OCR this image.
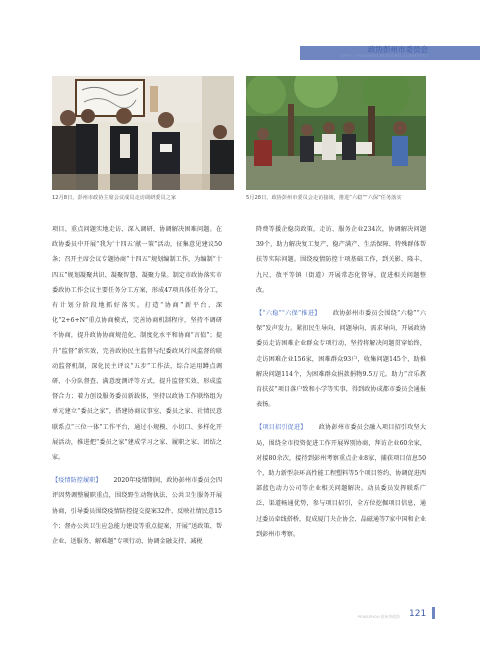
政协彭州市委员会
CPPCC PENGZHOU MUNICIPAL COMMITTEE
12月8日，彭州市政协主席会议成员走访调研委员之家	5月28日，政协彭州市委员会走访接谈，推进“六稳”“六保”任务落实

项目、重点问题实地走访、深入调研、协调解决困难问题。在政协委员中开展“我为‘十四五’献一策”活动，征集意见建议50条；召开主席会议专题协商“十四五”规划编制工作，为编制“十四五”规划凝聚共识、凝聚智慧、凝聚力量。制定市政协落实市委政协工作会议主要任务分工方案，形成47项具体任务分工，有计划分阶段地抓好落实。打造“协商”新平台，深化“2+6+N”重点协商模式，完善协商机制程序，坚持不调研不协商，提升政协协商规范化、制度化水平和协商“言值”；提升“监督”新实效，完善政协民主监督与纪委政风行风监督的联动监督机制，深化民主评议“五步”工作法，综合运用蹲点调研、小分队督查、满意度测评等方式，提升监督实效，形成监督合力；着力创设服务委员新载体，坚持以政协工作联络组为单元建立“委员之家”，搭建协商议事室、委员之家、社情民意联系点“三位一体”工作平台，通过小规模、小切口、多样化开展活动，推进把“委员之家”建成学习之家、履职之家、团结之家。

【疫情防控履职】 2020年疫情期间，政协彭州市委员会四评因势调整履职重点，围绕野生动物执法、公共卫生服务开展协商，引导委员围绕疫情防控提交提案32件、反映社情民意15个；督办公共卫生应急能力建设等重点提案，开展“送政策、帮企业、送服务、解难题”专项行动，协调金融支持、减税

降费等援企稳岗政策，走访、服务企业234次，协调解决问题39个，助力解决复工复产、稳产满产、生活保障、特殊群体帮扶等实际问题。围绕疫情防控十项基础工作，到关影、隆丰、九尺、敖平等镇（街道）开展常态化督导，促进相关问题整改。

【“六稳”“六保”推进】 政协彭州市委员会围绕“六稳”“六保”发声发力。紧扣民生导向、问题导向、需求导向，开展政协委员走访困难企业群众专项行动，坚持将解决问题贯穿始终，走访困难企业156家，困难群众93户，收集问题145个，助推解决问题114个，为困难群众捐款捐物9.5万元。助力“音乐教育扶贫”项目落户致和小学等实事，得到政协成都市委员会通报表扬。

【项目招引促进】 政协彭州市委员会融入项目招引攻坚大局，围绕全市投资促进工作开展界别协商，拜访企业60余家，对接80余次，接待到彭州考察重点企业8家，捕获项目信息50个，助力新型杂环高性能工程塑料等5个项目签约，协调促进西部蓝色动力公司等企业相关问题解决。动员委员发挥联系广泛、渠道畅通优势，参与项目招引，全方位挖掘项目信息，通过委员牵线搭桥，促成厦门夬企协会、晶磁通等7家中国和企业到彭州市考察。

PENGZHOU 彭州市政协	121
